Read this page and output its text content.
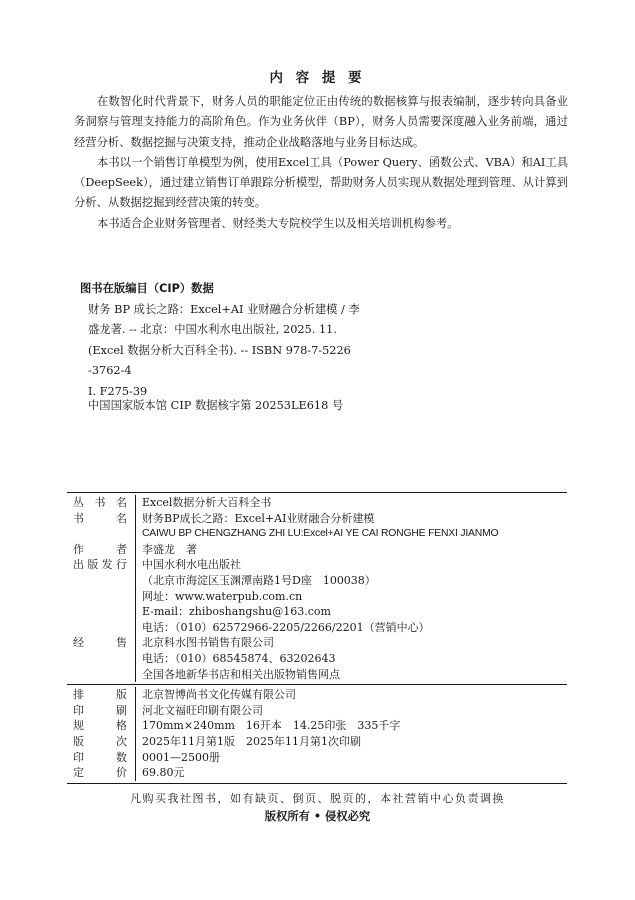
内 容 提 要

在数智化时代背景下，财务人员的职能定位正由传统的数据核算与报表编制，逐步转向具备业务洞察与管理支持能力的高阶角色。作为业务伙伴（BP），财务人员需要深度融入业务前端，通过经营分析、数据挖掘与决策支持，推动企业战略落地与业务目标达成。

本书以一个销售订单模型为例，使用Excel工具（Power Query、函数公式、VBA）和AI工具（DeepSeek），通过建立销售订单跟踪分析模型，帮助财务人员实现从数据处理到管理、从计算到分析、从数据挖掘到经营决策的转变。

本书适合企业财务管理者、财经类大专院校学生以及相关培训机构参考。

图书在版编目（CIP）数据
财务 BP 成长之路：Excel+AI 业财融合分析建模 / 李
盛龙著. -- 北京：中国水利水电出版社, 2025. 11.
(Excel 数据分析大百科全书). -- ISBN 978-7-5226
-3762-4
Ⅰ. F275-39
中国国家版本馆 CIP 数据核字第 20253LE618 号
丛书名
书名
作者
出版发行
经售
Excel数据分析大百科全书
财务BP成长之路：Excel+AI业财融合分析建模
CAIWU BP CHENGZHANG ZHI LU:Excel+AI YE CAI RONGHE FENXI JIANMO
李盛龙　著
中国水利水电出版社
（北京市海淀区玉渊潭南路1号D座　100038）
网址：www.waterpub.com.cn
E-mail：zhiboshangshu@163.com
电话：（010）62572966-2205/2266/2201（营销中心）
北京科水图书销售有限公司
电话：（010）68545874、63202643
全国各地新华书店和相关出版物销售网点
排版
印刷
规格
版次
印数
定价
北京智博尚书文化传媒有限公司
河北文福旺印刷有限公司
170mm×240mm　16开本　14.25印张　335千字
2025年11月第1版　2025年11月第1次印刷
0001—2500册
69.80元
凡购买我社图书，如有缺页、倒页、脱页的，本社营销中心负责调换
版权所有 • 侵权必究
